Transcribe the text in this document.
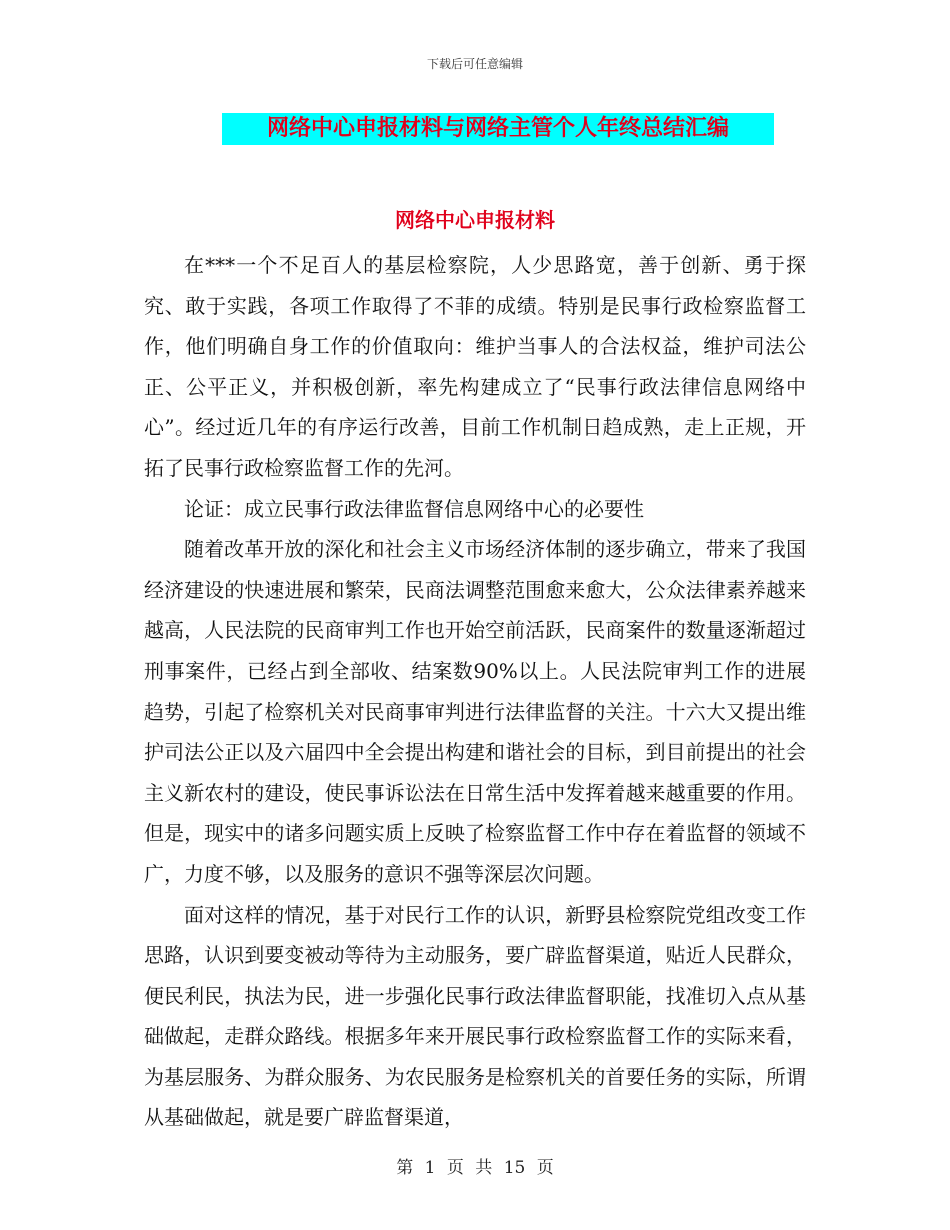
下载后可任意编辑
网络中心申报材料与网络主管个人年终总结汇编
网络中心申报材料

在***一个不足百人的基层检察院，人少思路宽，善于创新、勇于探究、敢于实践，各项工作取得了不菲的成绩。特别是民事行政检察监督工作，他们明确自身工作的价值取向：维护当事人的合法权益，维护司法公正、公平正义，并积极创新，率先构建成立了“民事行政法律信息网络中心”。经过近几年的有序运行改善，目前工作机制日趋成熟，走上正规，开拓了民事行政检察监督工作的先河。

论证：成立民事行政法律监督信息网络中心的必要性

随着改革开放的深化和社会主义市场经济体制的逐步确立，带来了我国经济建设的快速进展和繁荣，民商法调整范围愈来愈大，公众法律素养越来越高，人民法院的民商审判工作也开始空前活跃，民商案件的数量逐渐超过刑事案件，已经占到全部收、结案数90%以上。人民法院审判工作的进展趋势，引起了检察机关对民商事审判进行法律监督的关注。十六大又提出维护司法公正以及六届四中全会提出构建和谐社会的目标，到目前提出的社会主义新农村的建设，使民事诉讼法在日常生活中发挥着越来越重要的作用。但是，现实中的诸多问题实质上反映了检察监督工作中存在着监督的领域不广，力度不够，以及服务的意识不强等深层次问题。

面对这样的情况，基于对民行工作的认识，新野县检察院党组改变工作思路，认识到要变被动等待为主动服务，要广辟监督渠道，贴近人民群众，便民利民，执法为民，进一步强化民事行政法律监督职能，找准切入点从基础做起，走群众路线。根据多年来开展民事行政检察监督工作的实际来看，为基层服务、为群众服务、为农民服务是检察机关的首要任务的实际，所谓从基础做起，就是要广辟监督渠道，

第 1 页 共 15 页
